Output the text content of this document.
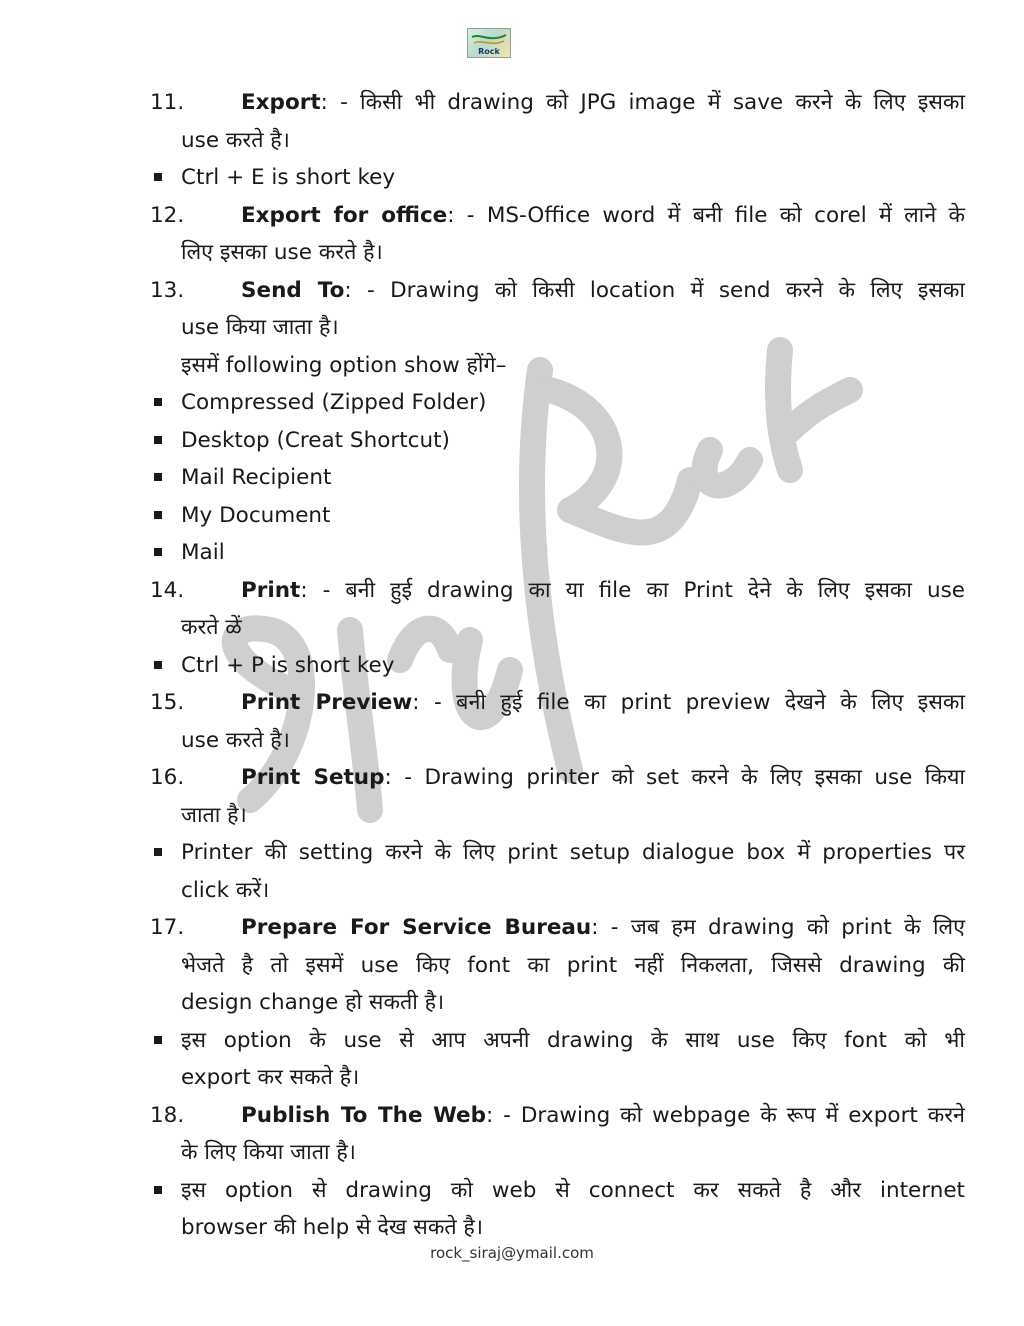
Rock
11.	Export: - किसी भी drawing को JPG image में save करने के लिए इसका
use करते है।
Ctrl + E is short key
12.	Export for office: - MS-Office word में बनी file को corel में लाने के
लिए इसका use करते है।
13.	Send To: - Drawing को किसी location में send करने के लिए इसका
use किया जाता है।
इसमें following option show होंगे–
Compressed (Zipped Folder)
Desktop (Creat Shortcut)
Mail Recipient
My Document
Mail
14.	Print: - बनी हुई drawing का या file का Print देने के लिए इसका use
करते ळें
Ctrl + P is short key
15.	Print Preview: - बनी हुई file का print preview देखने के लिए इसका
use करते है।
16.	Print Setup: - Drawing printer को set करने के लिए इसका use किया
जाता है।
Printer की setting करने के लिए print setup dialogue box में properties पर
click करें।
17.	Prepare For Service Bureau: - जब हम drawing को print के लिए
भेजते है तो इसमें use किए font का print नहीं निकलता, जिससे drawing की
design change हो सकती है।
इस option के use से आप अपनी drawing के साथ use किए font को भी
export कर सकते है।
18.	Publish To The Web: - Drawing को webpage के रूप में export करने
के लिए किया जाता है।
इस option से drawing को web से connect कर सकते है और internet
browser की help से देख सकते है।
rock_siraj@ymail.com
